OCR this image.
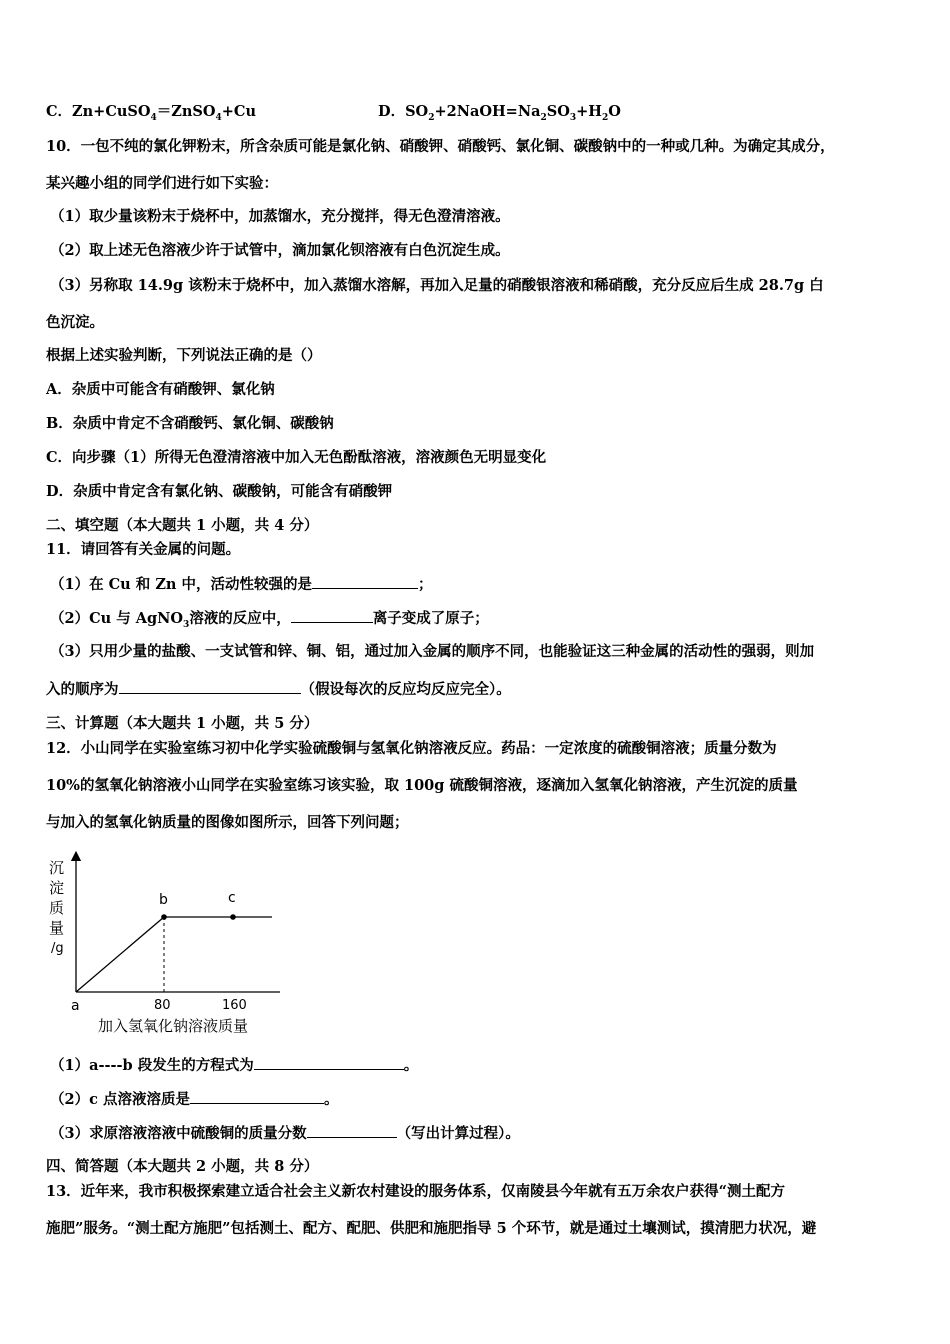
C．Zn+CuSO$_4$＝ZnSO$_4$+Cu	D．$SO_2+2NaOH=Na_2SO_3+H_2O$
10．一包不纯的氯化钾粉末，所含杂质可能是氯化钠、硝酸钾、硝酸钙、氯化铜、碳酸钠中的一种或几种。为确定其成分，
某兴趣小组的同学们进行如下实验：
（1）取少量该粉末于烧杯中，加蒸馏水，充分搅拌，得无色澄清溶液。
（2）取上述无色溶液少许于试管中，滴加氯化钡溶液有白色沉淀生成。
（3）另称取 14.9g 该粉末于烧杯中，加入蒸馏水溶解，再加入足量的硝酸银溶液和稀硝酸，充分反应后生成 28.7g 白
色沉淀。
根据上述实验判断，下列说法正确的是（）
A．杂质中可能含有硝酸钾、氯化钠
B．杂质中肯定不含硝酸钙、氯化铜、碳酸钠
C．向步骤（1）所得无色澄清溶液中加入无色酚酞溶液，溶液颜色无明显变化
D．杂质中肯定含有氯化钠、碳酸钠，可能含有硝酸钾
二、填空题（本大题共 1 小题，共 4 分）
11．请回答有关金属的问题。
（1）在 Cu 和 Zn 中，活动性较强的是	；
（2）Cu 与 AgNO$_3$溶液的反应中，	离子变成了原子；
（3）只用少量的盐酸、一支试管和锌、铜、铝，通过加入金属的顺序不同，也能验证这三种金属的活动性的强弱，则加
入的顺序为	（假设每次的反应均反应完全）。
三、计算题（本大题共 1 小题，共 5 分）
12．小山同学在实验室练习初中化学实验硫酸铜与氢氧化钠溶液反应。药品：一定浓度的硫酸铜溶液；质量分数为
10%的氢氧化钠溶液小山同学在实验室练习该实验，取 100g 硫酸铜溶液，逐滴加入氢氧化钠溶液，产生沉淀的质量
与加入的氢氧化钠质量的图像如图所示，回答下列问题；
沉
淀
质
量
/g
a
b	c
80	160
加入氢氧化钠溶液质量
（1）a----b 段发生的方程式为	。
（2）c 点溶液溶质是	。
（3）求原溶液溶液中硫酸铜的质量分数	（写出计算过程）。
四、简答题（本大题共 2 小题，共 8 分）
13．近年来，我市积极探索建立适合社会主义新农村建设的服务体系，仅南陵县今年就有五万余农户获得“测土配方
施肥”服务。“测土配方施肥”包括测土、配方、配肥、供肥和施肥指导 5 个环节，就是通过土壤测试，摸清肥力状况，避
